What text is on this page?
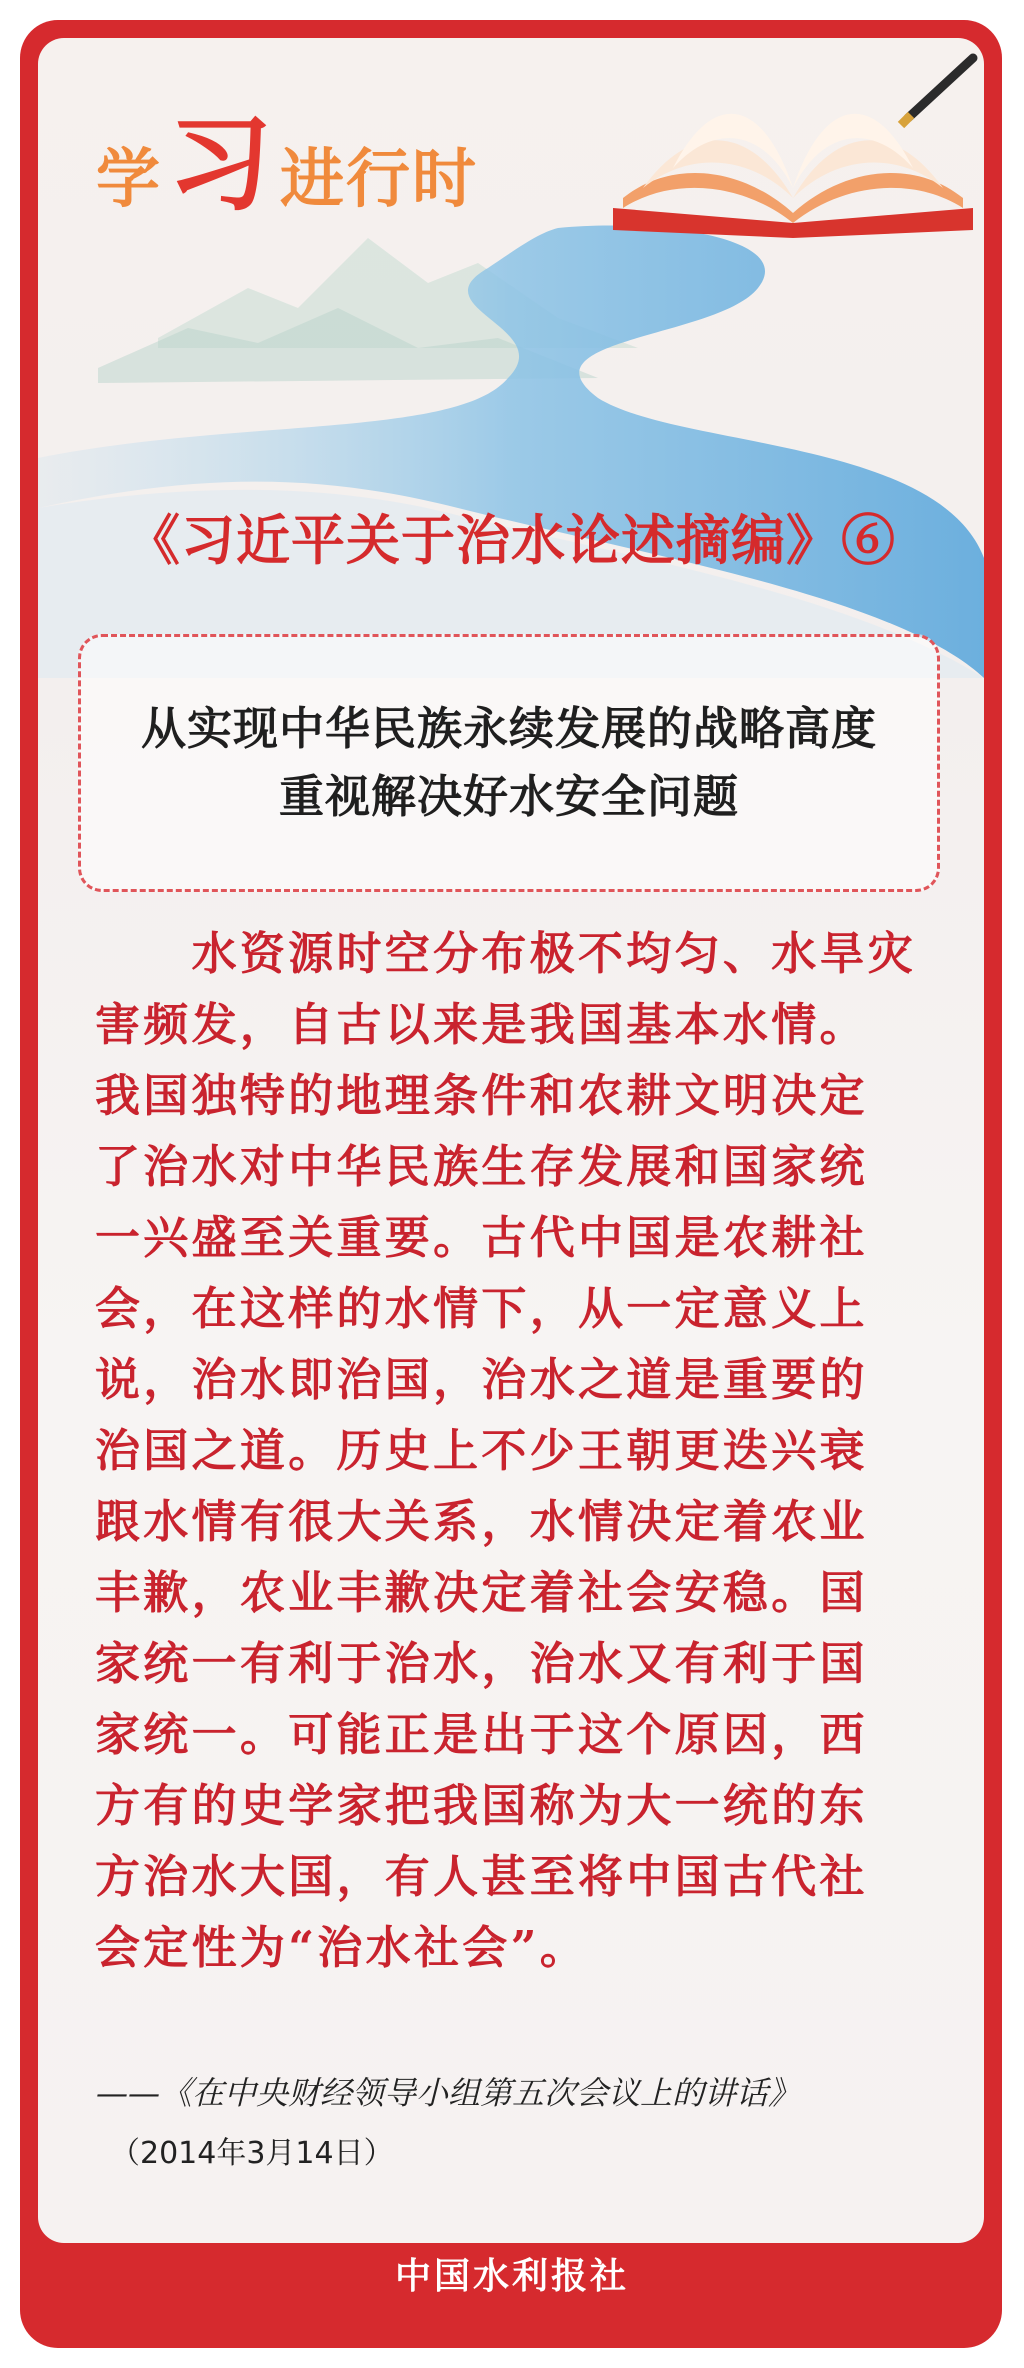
学 习 进行时
《习近平关于治水论述摘编》⑥
从实现中华民族永续发展的战略高度
重视解决好水安全问题
　　水资源时空分布极不均匀、水旱灾
害频发，自古以来是我国基本水情。
我国独特的地理条件和农耕文明决定
了治水对中华民族生存发展和国家统
一兴盛至关重要。古代中国是农耕社
会，在这样的水情下，从一定意义上
说，治水即治国，治水之道是重要的
治国之道。历史上不少王朝更迭兴衰
跟水情有很大关系，水情决定着农业
丰歉，农业丰歉决定着社会安稳。国
家统一有利于治水，治水又有利于国
家统一。可能正是出于这个原因，西
方有的史学家把我国称为大一统的东
方治水大国，有人甚至将中国古代社
会定性为“治水社会”。
——《在中央财经领导小组第五次会议上的讲话》
（2014年3月14日）
中国水利报社
